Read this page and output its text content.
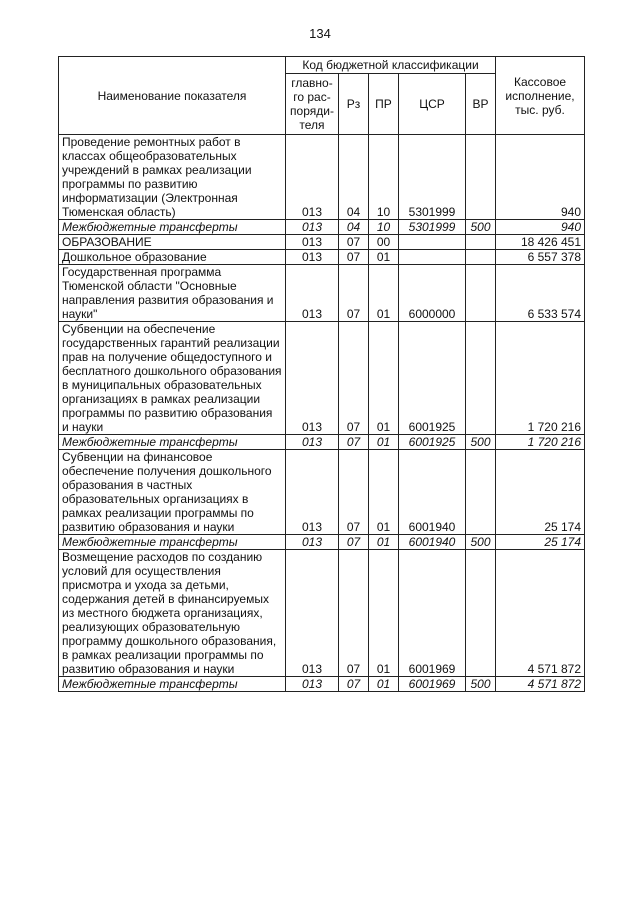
134
Наименование показателя	Код бюджетной классификации					Кассовое исполнение, тыс. руб.
	главно-
го рас-
поряди-
теля	Рз	ПР	ЦСР	ВР	
Проведение ремонтных работ в классах общеобразовательных учреждений в рамках реализации программы по развитию информатизации (Электронная Тюменская область)	013	04	10	5301999		940
Межбюджетные трансферты	013	04	10	5301999	500	940
ОБРАЗОВАНИЕ	013	07	00			18 426 451
Дошкольное образование	013	07	01			6 557 378
Государственная программа Тюменской области "Основные направления развития образования и науки"	013	07	01	6000000		6 533 574
Субвенции на обеспечение государственных гарантий реализации прав на получение общедоступного и бесплатного дошкольного образования в муниципальных образовательных организациях в рамках реализации программы по развитию образования и науки	013	07	01	6001925		1 720 216
Межбюджетные трансферты	013	07	01	6001925	500	1 720 216
Субвенции на финансовое обеспечение получения дошкольного образования в частных образовательных организациях в рамках реализации программы по развитию образования и науки	013	07	01	6001940		25 174
Межбюджетные трансферты	013	07	01	6001940	500	25 174
Возмещение расходов по созданию условий для осуществления присмотра и ухода за детьми, содержания детей в финансируемых из местного бюджета организациях, реализующих образовательную программу дошкольного образования, в рамках реализации программы по развитию образования и науки	013	07	01	6001969		4 571 872
Межбюджетные трансферты	013	07	01	6001969	500	4 571 872
